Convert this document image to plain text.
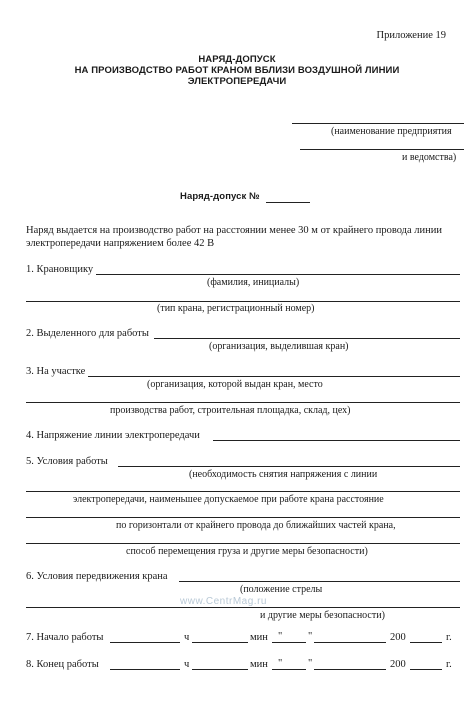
Приложение 19
НАРЯД-ДОПУСК
НА ПРОИЗВОДСТВО РАБОТ КРАНОМ ВБЛИЗИ ВОЗДУШНОЙ ЛИНИИ
ЭЛЕКТРОПЕРЕДАЧИ
(наименование предприятия
и ведомства)
Наряд-допуск №
Наряд выдается на производство работ на расстоянии менее 30 м от крайнего провода линии
электропередачи напряжением более 42 В
1. Крановщику
(фамилия, инициалы)
(тип крана, регистрационный номер)
2. Выделенного для работы
(организация, выделившая кран)
3. На участке
(организация, которой выдан кран, место
производства работ, строительная площадка, склад, цех)
4. Напряжение линии электропередачи
5. Условия работы
(необходимость снятия напряжения с линии
электропередачи, наименьшее допускаемое при работе крана расстояние
по горизонтали от крайнего провода до ближайших частей крана,
способ перемещения груза и другие меры безопасности)
6. Условия передвижения крана
(положение стрелы
www.CentrMag.ru
и другие меры безопасности)
7. Начало работы	ч	мин " "	200	г.
8. Конец работы	ч	мин " "	200	г.
